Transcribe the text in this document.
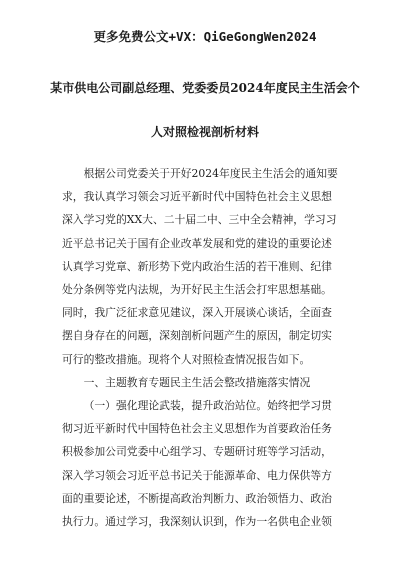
更多免费公文+VX：QiGeGongWen2024
某市供电公司副总经理、党委委员2024年度民主生活会个
人对照检视剖析材料

根据公司党委关于开好2024年度民主生活会的通知要

求，我认真学习领会习近平新时代中国特色社会主义思想
深入学习党的XX大、二十届二中、三中全会精神，学习习
近平总书记关于国有企业改革发展和党的建设的重要论述
认真学习党章、新形势下党内政治生活的若干准则、纪律
处分条例等党内法规，为开好民主生活会打牢思想基础。
同时，我广泛征求意见建议，深入开展谈心谈话，全面查
摆自身存在的问题，深刻剖析问题产生的原因，制定切实
可行的整改措施。现将个人对照检查情况报告如下。

一、主题教育专题民主生活会整改措施落实情况

（一）强化理论武装，提升政治站位。始终把学习贯

彻习近平新时代中国特色社会主义思想作为首要政治任务
积极参加公司党委中心组学习、专题研讨班等学习活动，
深入学习领会习近平总书记关于能源革命、电力保供等方
面的重要论述，不断提高政治判断力、政治领悟力、政治
执行力。通过学习，我深刻认识到，作为一名供电企业领
